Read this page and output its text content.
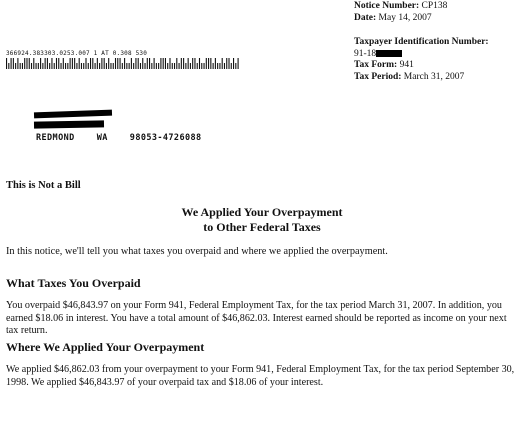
Notice Number: CP138
Date: May 14, 2007
Taxpayer Identification Number:
91-18
Tax Form: 941
Tax Period: March 31, 2007
366924.383303.0253.007 1 AT 0.308 530
REDMOND    WA    98053-4726088
This is Not a Bill
We Applied Your Overpayment
to Other Federal Taxes
In this notice, we'll tell you what taxes you overpaid and where we applied the overpayment.
What Taxes You Overpaid
You overpaid $46,843.97 on your Form 941, Federal Employment Tax, for the tax period March 31, 2007. In addition, you earned $18.06 in interest. You have a total amount of $46,862.03. Interest earned should be reported as income on your next tax return.
Where We Applied Your Overpayment
We applied $46,862.03 from your overpayment to your Form 941, Federal Employment Tax, for the tax period September 30, 1998. We applied $46,843.97 of your overpaid tax and $18.06 of your interest.
